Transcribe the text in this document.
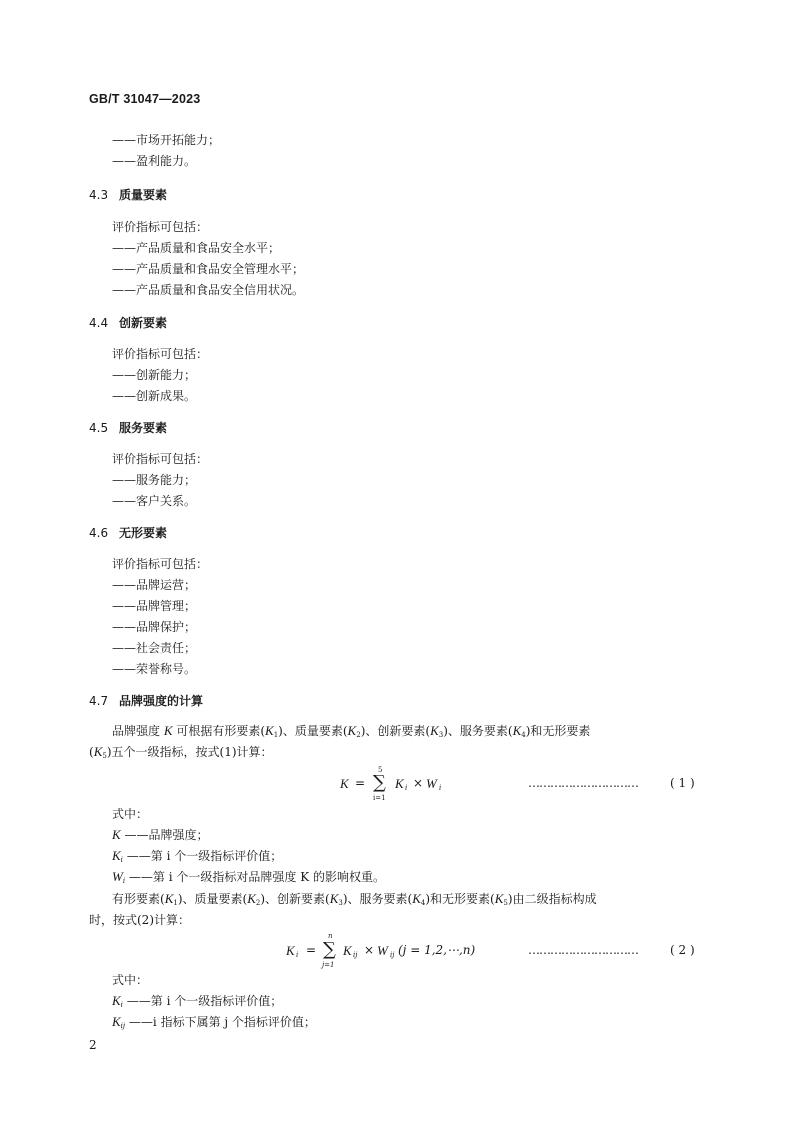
GB/T 31047—2023
——市场开拓能力；
——盈利能力。
4.3 质量要素
评价指标可包括：
——产品质量和食品安全水平；
——产品质量和食品安全管理水平；
——产品质量和食品安全信用状况。
4.4 创新要素
评价指标可包括：
——创新能力；
——创新成果。
4.5 服务要素
评价指标可包括：
——服务能力；
——客户关系。
4.6 无形要素
评价指标可包括：
——品牌运营；
——品牌管理；
——品牌保护；
——社会责任；
——荣誉称号。
4.7 品牌强度的计算
品牌强度 K 可根据有形要素$(K_1)$、质量要素$(K_2)$、创新要素$(K_3)$、服务要素$(K_4)$和无形要素
$(K_5)$五个一级指标，按式(1)计算：
K =
5
∑
i=1
K i × W i	…………………………	( 1 )
式中：
K ——品牌强度；
$K_i$ ——第 i 个一级指标评价值；
$W_i$ ——第 i 个一级指标对品牌强度 K 的影响权重。
有形要素$(K_1)$、质量要素$(K_2)$、创新要素$(K_3)$、服务要素$(K_4)$和无形要素$(K_5)$由二级指标构成
时，按式(2)计算：
K i =
n
∑
j=1
K ij × W ij (j = 1,2,⋯,n)	…………………………	( 2 )
式中：
$K_i$ ——第 i 个一级指标评价值；
$K_{ij}$ ——i 指标下属第 j 个指标评价值；
2
